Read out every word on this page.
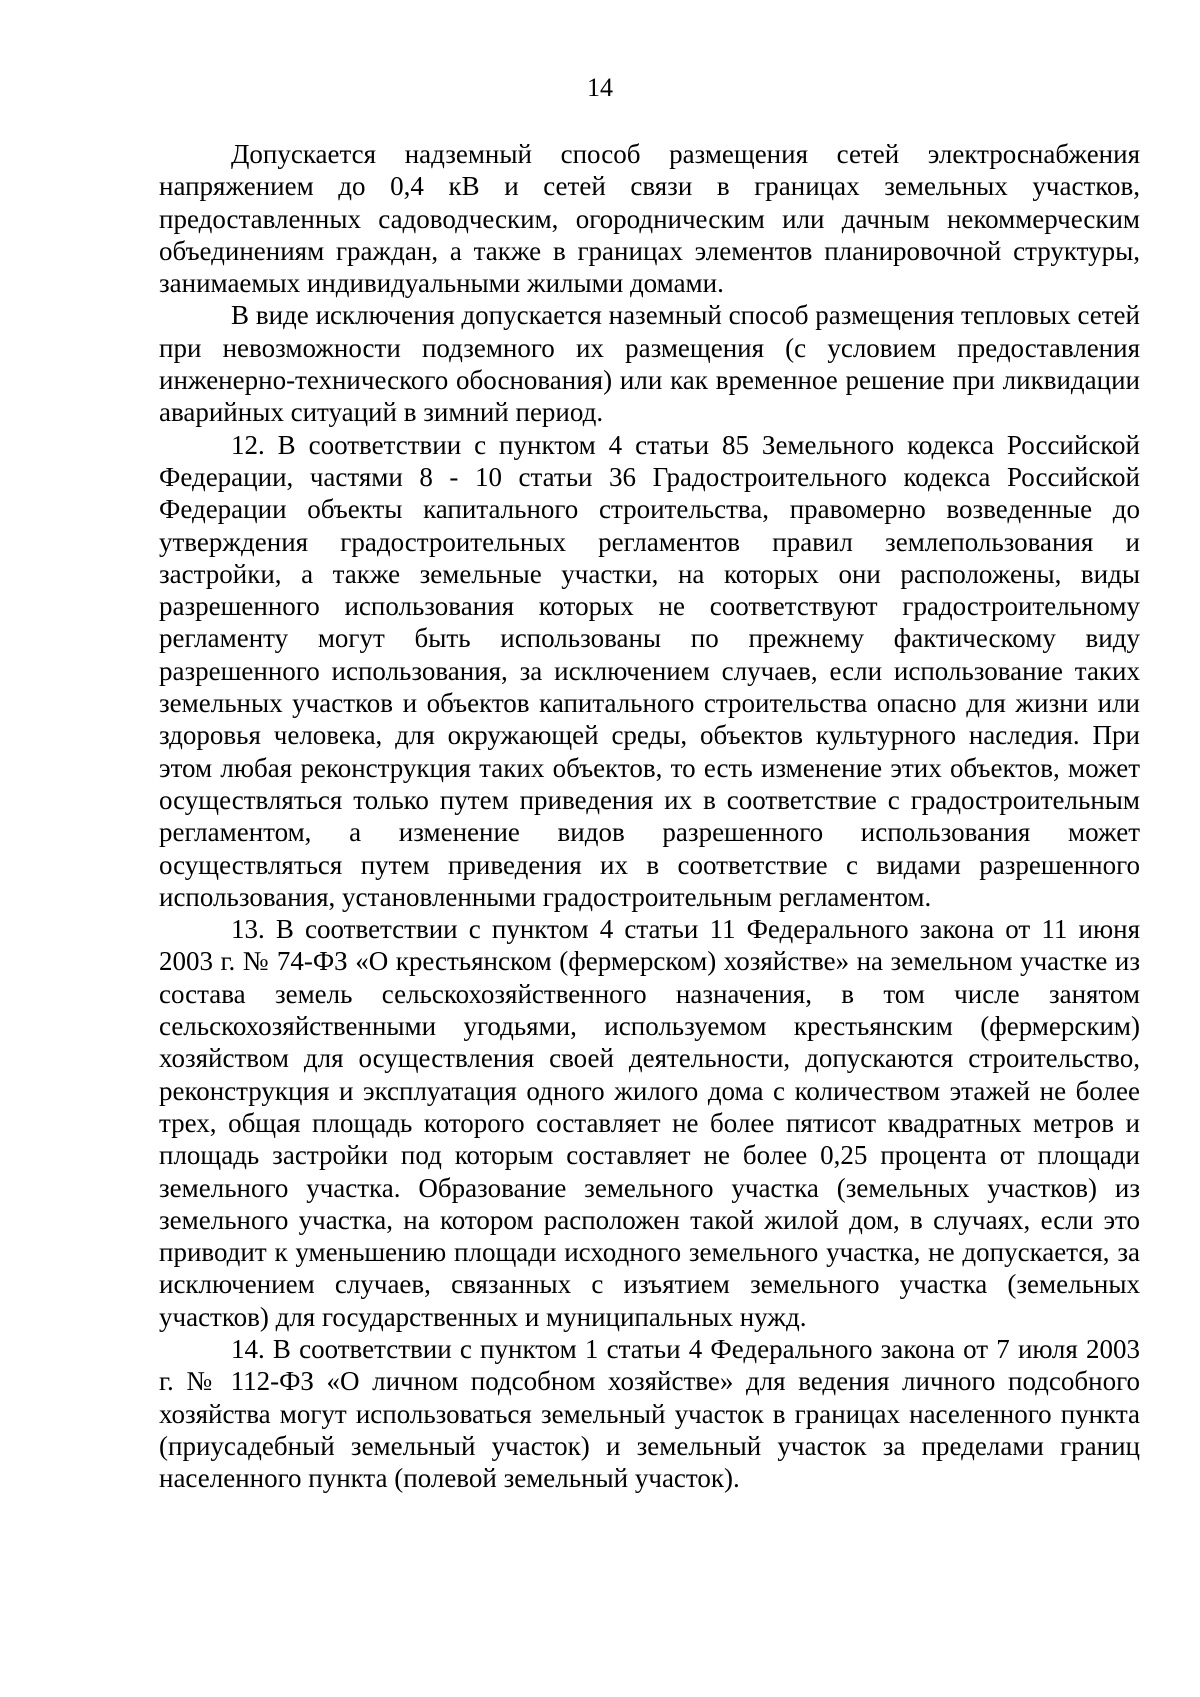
14

Допускается надземный способ размещения сетей электроснабжения напряжением до 0,4 кВ и сетей связи в границах земельных участков, предоставленных садоводческим, огородническим или дачным некоммерческим объединениям граждан, а также в границах элементов планировочной структуры, занимаемых индивидуальными жилыми домами.

В виде исключения допускается наземный способ размещения тепловых сетей при невозможности подземного их размещения (с условием предоставления инженерно-технического обоснования) или как временное решение при ликвидации аварийных ситуаций в зимний период.

12. В соответствии с пунктом 4 статьи 85 Земельного кодекса Российской Федерации, частями 8 - 10 статьи 36 Градостроительного кодекса Российской Федерации объекты капитального строительства, правомерно возведенные до утверждения градостроительных регламентов правил землепользования и застройки, а также земельные участки, на которых они расположены, виды разрешенного использования которых не соответствуют градостроительному регламенту могут быть использованы по прежнему фактическому виду разрешенного использования, за исключением случаев, если использование таких земельных участков и объектов капитального строительства опасно для жизни или здоровья человека, для окружающей среды, объектов культурного наследия. При этом любая реконструкция таких объектов, то есть изменение этих объектов, может осуществляться только путем приведения их в соответствие с градостроительным регламентом, а изменение видов разрешенного использования может осуществляться путем приведения их в соответствие с видами разрешенного использования, установленными градостроительным регламентом.

13. В соответствии с пунктом 4 статьи 11 Федерального закона от 11 июня 2003 г. № 74-ФЗ «О крестьянском (фермерском) хозяйстве» на земельном участке из состава земель сельскохозяйственного назначения, в том числе занятом сельскохозяйственными угодьями, используемом крестьянским (фермерским) хозяйством для осуществления своей деятельности, допускаются строительство, реконструкция и эксплуатация одного жилого дома с количеством этажей не более трех, общая площадь которого составляет не более пятисот квадратных метров и площадь застройки под которым составляет не более 0,25 процента от площади земельного участка. Образование земельного участка (земельных участков) из земельного участка, на котором расположен такой жилой дом, в случаях, если это приводит к уменьшению площади исходного земельного участка, не допускается, за исключением случаев, связанных с изъятием земельного участка (земельных участков) для государственных и муниципальных нужд.

14. В соответствии с пунктом 1 статьи 4 Федерального закона от 7 июля 2003 г. № 112-ФЗ «О личном подсобном хозяйстве» для ведения личного подсобного хозяйства могут использоваться земельный участок в границах населенного пункта (приусадебный земельный участок) и земельный участок за пределами границ населенного пункта (полевой земельный участок).
